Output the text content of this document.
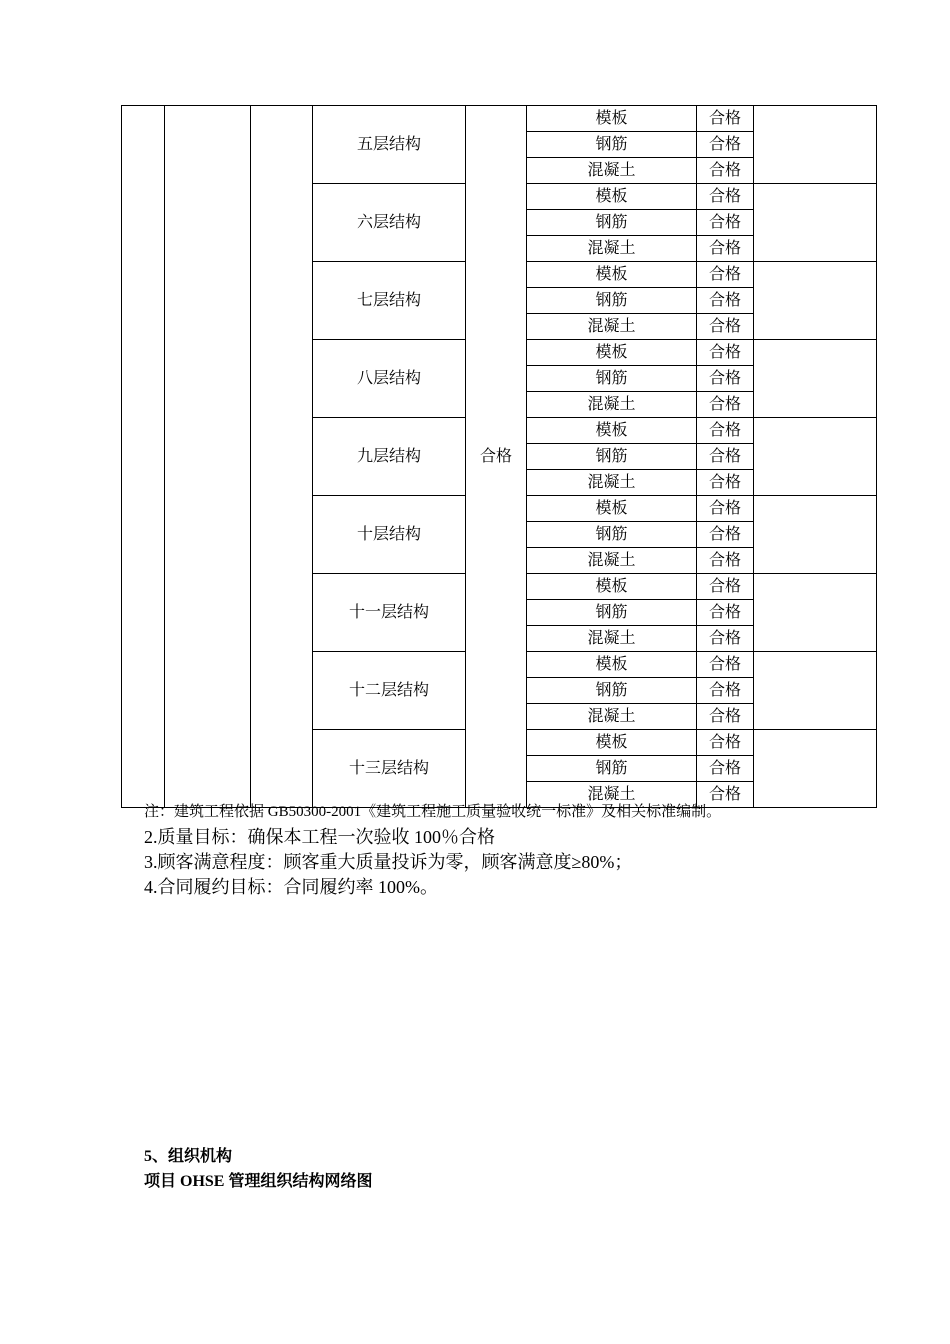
			五层结构	合格	模板	合格	
					钢筋	合格	
					混凝土	合格	
			六层结构		模板	合格	
					钢筋	合格	
					混凝土	合格	
			七层结构		模板	合格	
					钢筋	合格	
					混凝土	合格	
			八层结构		模板	合格	
					钢筋	合格	
					混凝土	合格	
			九层结构		模板	合格	
					钢筋	合格	
					混凝土	合格	
			十层结构		模板	合格	
					钢筋	合格	
					混凝土	合格	
			十一层结构		模板	合格	
					钢筋	合格	
					混凝土	合格	
			十二层结构		模板	合格	
					钢筋	合格	
					混凝土	合格	
			十三层结构		模板	合格	
					钢筋	合格	
					混凝土	合格	
注：建筑工程依据 GB50300-2001《建筑工程施工质量验收统一标准》及相关标准编制。
2.质量目标：确保本工程一次验收 100％合格
3.顾客满意程度：顾客重大质量投诉为零，顾客满意度≥80%；
4.合同履约目标：合同履约率 100%。
5、组织机构
项目 OHSE 管理组织结构网络图
